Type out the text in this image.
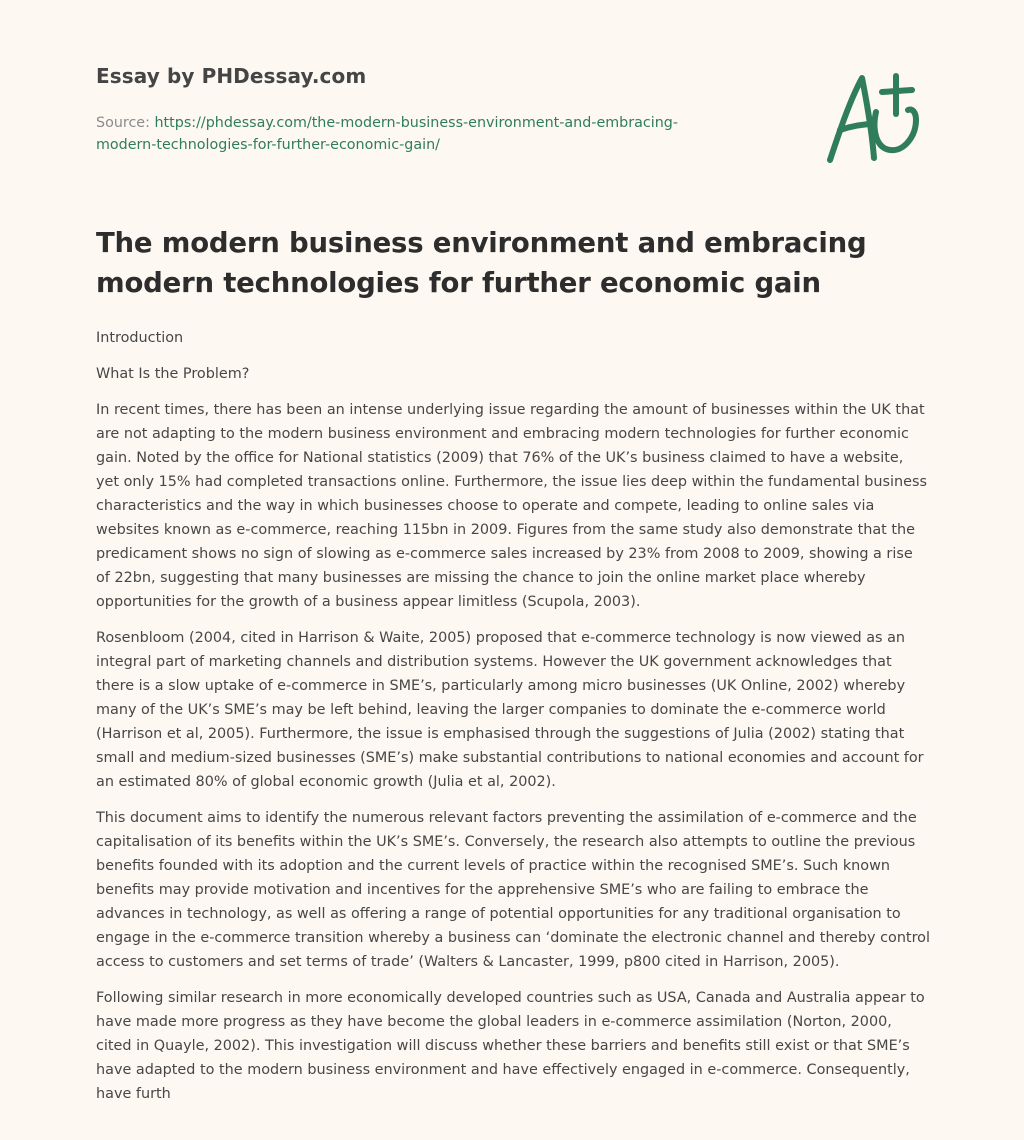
Essay by PHDessay.com
Source: https://phdessay.com/the-modern-business-environment-and-embracing-modern-technologies-for-further-economic-gain/
The modern business environment and embracing modern technologies for further economic gain

Introduction

What Is the Problem?

In recent times, there has been an intense underlying issue regarding the amount of businesses within the UK that are not adapting to the modern business environment and embracing modern technologies for further economic gain. Noted by the office for National statistics (2009) that 76% of the UK’s business claimed to have a website, yet only 15% had completed transactions online. Furthermore, the issue lies deep within the fundamental business characteristics and the way in which businesses choose to operate and compete, leading to online sales via websites known as e-commerce, reaching 115bn in 2009. Figures from the same study also demonstrate that the predicament shows no sign of slowing as e-commerce sales increased by 23% from 2008 to 2009, showing a rise of 22bn, suggesting that many businesses are missing the chance to join the online market place whereby opportunities for the growth of a business appear limitless (Scupola, 2003).

Rosenbloom (2004, cited in Harrison & Waite, 2005) proposed that e-commerce technology is now viewed as an integral part of marketing channels and distribution systems. However the UK government acknowledges that there is a slow uptake of e-commerce in SME’s, particularly among micro businesses (UK Online, 2002) whereby many of the UK’s SME’s may be left behind, leaving the larger companies to dominate the e-commerce world (Harrison et al, 2005). Furthermore, the issue is emphasised through the suggestions of Julia (2002) stating that small and medium-sized businesses (SME’s) make substantial contributions to national economies and account for an estimated 80% of global economic growth (Julia et al, 2002).

This document aims to identify the numerous relevant factors preventing the assimilation of e-commerce and the capitalisation of its benefits within the UK’s SME’s. Conversely, the research also attempts to outline the previous benefits founded with its adoption and the current levels of practice within the recognised SME’s. Such known benefits may provide motivation and incentives for the apprehensive SME’s who are failing to embrace the advances in technology, as well as offering a range of potential opportunities for any traditional organisation to engage in the e-commerce transition whereby a business can ‘dominate the electronic channel and thereby control access to customers and set terms of trade’ (Walters & Lancaster, 1999, p800 cited in Harrison, 2005).

Following similar research in more economically developed countries such as USA, Canada and Australia appear to have made more progress as they have become the global leaders in e-commerce assimilation (Norton, 2000, cited in Quayle, 2002). This investigation will discuss whether these barriers and benefits still exist or that SME’s have adapted to the modern business environment and have effectively engaged in e-commerce. Consequently, have furth
